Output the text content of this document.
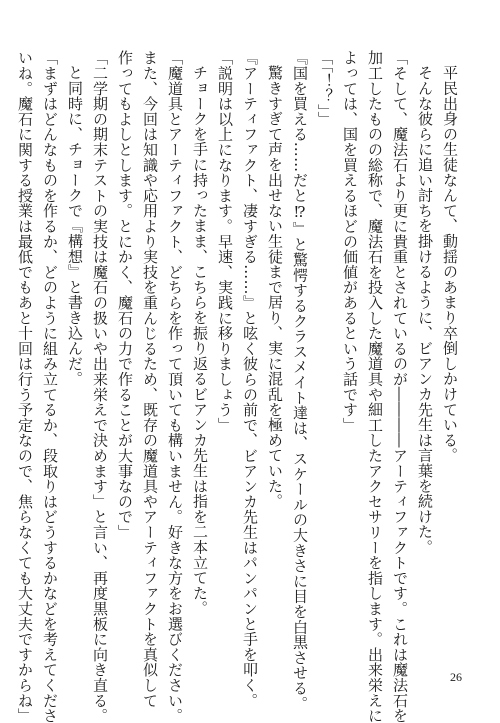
平民出身の生徒なんて、動揺のあまり卒倒しかけている。

そんな彼らに追い討ちを掛けるように、ビアンカ先生は言葉を続けた。

「そして、魔法石より更に貴重とされているのが――――アーティファクトです。これは魔法石を

加工したものの総称で、魔法石を投入した魔道具や細工したアクセサリーを指します。出来栄えに

よっては、国を買えるほどの価値があるという話です」

「「！？」」

『国を買える……だと⁉』と驚愕するクラスメイト達は、スケールの大きさに目を白黒させる。

驚きすぎて声を出せない生徒まで居り、実に混乱を極めていた。

『アーティファクト、凄すぎる……』と呟く彼らの前で、ビアンカ先生はパンパンと手を叩く。

「説明は以上になります。早速、実践に移りましょう」

チョークを手に持ったまま、こちらを振り返るビアンカ先生は指を二本立てた。

「魔道具とアーティファクト、どちらを作って頂いても構いません。好きな方をお選びください。

また、今回は知識や応用より実技を重んじるため、既存の魔道具やアーティファクトを真似して

作ってもよしとします。とにかく、魔石の力で作ることが大事なので」

「二学期の期末テストの実技は魔石の扱いや出来栄えで決めます」と言い、再度黒板に向き直る。

と同時に、チョークで『構想』と書き込んだ。

「まずはどんなものを作るか、どのように組み立てるか、段取りはどうするかなどを考えてくださ

いね。魔石に関する授業は最低でもあと十回は行う予定なので、焦らなくても大丈夫ですからね」	26
